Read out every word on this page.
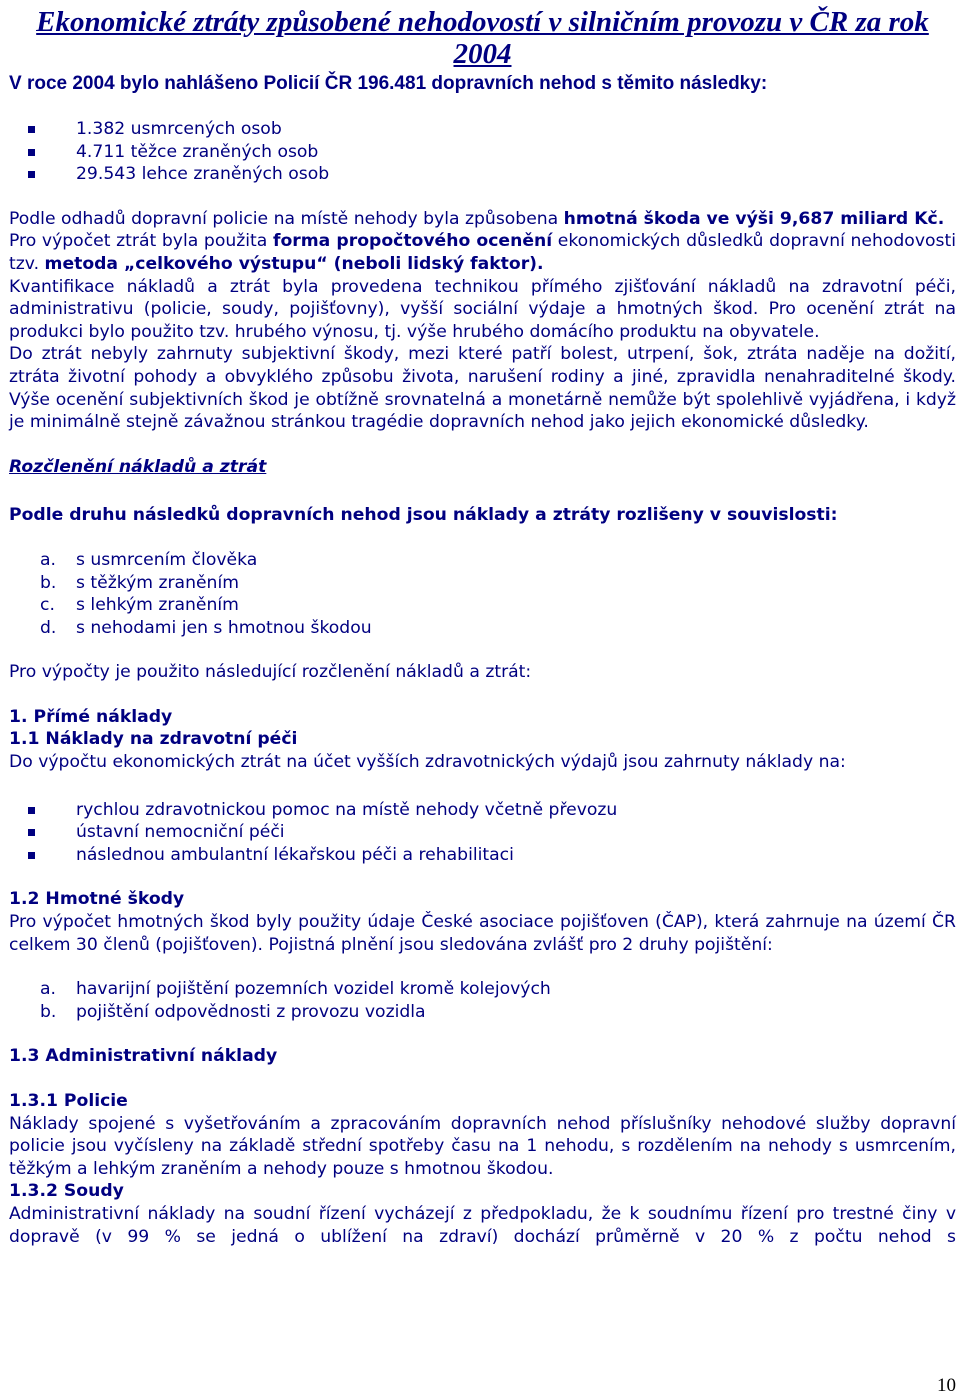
Ekonomické ztráty způsobené nehodovostí v silničním provozu v ČR za rok 2004

V roce 2004 bylo nahlášeno Policií ČR 196.481 dopravních nehod s těmito následky:

1.382 usmrcených osob
4.711 těžce zraněných osob
29.543 lehce zraněných osob

Podle odhadů dopravní policie na místě nehody byla způsobena hmotná škoda ve výši 9,687 miliard Kč.

Pro výpočet ztrát byla použita forma propočtového ocenění ekonomických důsledků dopravní nehodovosti tzv. metoda „celkového výstupu“ (neboli lidský faktor).

Kvantifikace nákladů a ztrát byla provedena technikou přímého zjišťování nákladů na zdravotní péči, administrativu (policie, soudy, pojišťovny), vyšší sociální výdaje a hmotných škod. Pro ocenění ztrát na produkci bylo použito tzv. hrubého výnosu, tj. výše hrubého domácího produktu na obyvatele.

Do ztrát nebyly zahrnuty subjektivní škody, mezi které patří bolest, utrpení, šok, ztráta naděje na dožití, ztráta životní pohody a obvyklého způsobu života, narušení rodiny a jiné, zpravidla nenahraditelné škody. Výše ocenění subjektivních škod je obtížně srovnatelná a monetárně nemůže být spolehlivě vyjádřena, i když je minimálně stejně závažnou stránkou tragédie dopravních nehod jako jejich ekonomické důsledky.

Rozčlenění nákladů a ztrát

Podle druhu následků dopravních nehod jsou náklady a ztráty rozlišeny v souvislosti:

a.	s usmrcením člověka
b.	s těžkým zraněním
c.	s lehkým zraněním
d.	s nehodami jen s hmotnou škodou

Pro výpočty je použito následující rozčlenění nákladů a ztrát:

1. Přímé náklady

1.1 Náklady na zdravotní péči

Do výpočtu ekonomických ztrát na účet vyšších zdravotnických výdajů jsou zahrnuty náklady na:

rychlou zdravotnickou pomoc na místě nehody včetně převozu
ústavní nemocniční péči
následnou ambulantní lékařskou péči a rehabilitaci

1.2 Hmotné škody

Pro výpočet hmotných škod byly použity údaje České asociace pojišťoven (ČAP), která zahrnuje na území ČR celkem 30 členů (pojišťoven). Pojistná plnění jsou sledována zvlášť pro 2 druhy pojištění:

a.	havarijní pojištění pozemních vozidel kromě kolejových
b.	pojištění odpovědnosti z provozu vozidla

1.3 Administrativní náklady

1.3.1 Policie

Náklady spojené s vyšetřováním a zpracováním dopravních nehod příslušníky nehodové služby dopravní policie jsou vyčísleny na základě střední spotřeby času na 1 nehodu, s rozdělením na nehody s usmrcením, těžkým a lehkým zraněním a nehody pouze s hmotnou škodou.

1.3.2 Soudy

Administrativní náklady na soudní řízení vycházejí z předpokladu, že k soudnímu řízení pro trestné činy v dopravě (v 99 % se jedná o ublížení na zdraví) dochází průměrně v 20 % z počtu nehod s

10
